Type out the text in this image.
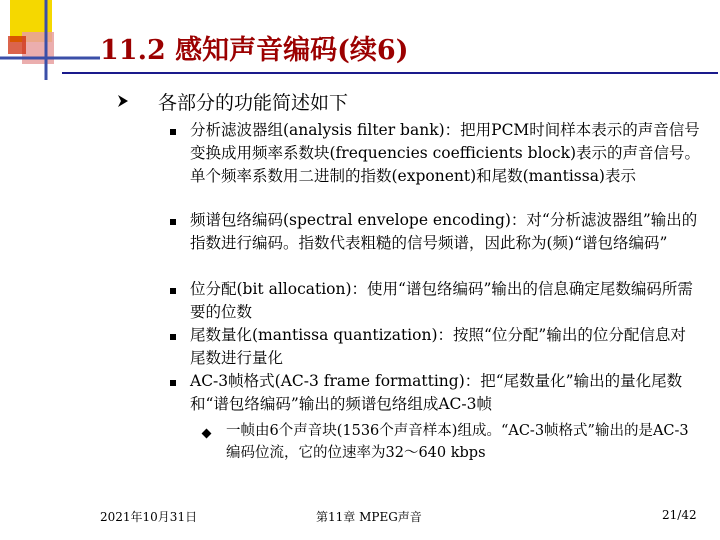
11.2 感知声音编码(续6)
各部分的功能简述如下
分析滤波器组(analysis filter bank)：把用PCM时间样本表示的声音信号变换成用频率系数块(frequencies coefficients block)表示的声音信号。单个频率系数用二进制的指数(exponent)和尾数(mantissa)表示
频谱包络编码(spectral envelope encoding)：对“分析滤波器组”输出的指数进行编码。指数代表粗糙的信号频谱，因此称为(频)“谱包络编码”
位分配(bit allocation)：使用“谱包络编码”输出的信息确定尾数编码所需要的位数
尾数量化(mantissa quantization)：按照“位分配”输出的位分配信息对尾数进行量化
AC-3帧格式(AC-3 frame formatting)：把“尾数量化”输出的量化尾数和“谱包络编码”输出的频谱包络组成AC-3帧
一帧由6个声音块(1536个声音样本)组成。“AC-3帧格式”输出的是AC-3编码位流，它的位速率为32～640 kbps
2021年10月31日	第11章 MPEG声音	21/42
